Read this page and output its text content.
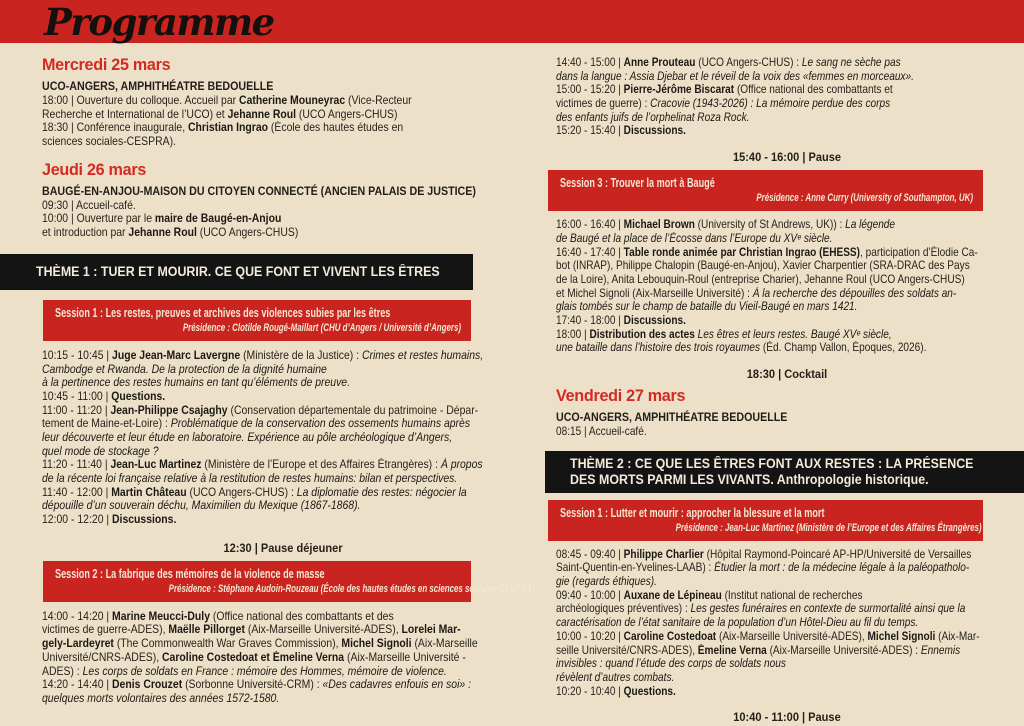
Programme
Mercredi 25 mars
UCO-ANGERS, AMPHITHÉATRE BEDOUELLE
18:00 | Ouverture du colloque. Accueil par Catherine Mouneyrac (Vice-Recteur
Recherche et International de l’UCO) et Jehanne Roul (UCO Angers-CHUS)
18:30 | Conférence inaugurale, Christian Ingrao (École des hautes études en
sciences sociales-CESPRA).
Jeudi 26 mars
BAUGÉ-EN-ANJOU-MAISON DU CITOYEN CONNECTÉ (ANCIEN PALAIS DE JUSTICE)
09:30 | Accueil-café.
10:00 | Ouverture par le maire de Baugé-en-Anjou
et introduction par Jehanne Roul (UCO Angers-CHUS)
THÈME 1 : TUER ET MOURIR. CE QUE FONT ET VIVENT LES ÊTRES
Session 1 : Les restes, preuves et archives des violences subies par les êtres
Présidence : Clotilde Rougé-Maillart (CHU d’Angers / Université d’Angers)
10:15 - 10:45 | Juge Jean-Marc Lavergne (Ministère de la Justice) : Crimes et restes humains,
Cambodge et Rwanda. De la protection de la dignité humaine
à la pertinence des restes humains en tant qu’éléments de preuve.
10:45 - 11:00 | Questions.
11:00 - 11:20 | Jean-Philippe Csajaghy (Conservation départementale du patrimoine - Dépar-
tement de Maine-et-Loire) : Problématique de la conservation des ossements humains après
leur découverte et leur étude en laboratoire. Expérience au pôle archéologique d’Angers,
quel mode de stockage ?
11:20 - 11:40 | Jean-Luc Martinez (Ministère de l’Europe et des Affaires Étrangères) : À propos
de la récente loi française relative à la restitution de restes humains: bilan et perspectives.
11:40 - 12:00 | Martin Château (UCO Angers-CHUS) : La diplomatie des restes: négocier la
dépouille d’un souverain déchu, Maximilien du Mexique (1867-1868).
12:00 - 12:20 | Discussions.
12:30 | Pause déjeuner
Session 2 : La fabrique des mémoires de la violence de masse
Présidence : Stéphane Audoin-Rouzeau (École des hautes études en sciences sociales-CESPRA)
14:00 - 14:20 | Marine Meucci-Duly (Office national des combattants et des
victimes de guerre-ADES), Maëlle Pillorget (Aix-Marseille Université-ADES), Lorelei Mar-
gely-Lardeyret (The Commonwealth War Graves Commission), Michel Signoli (Aix-Marseille
Université/CNRS-ADES), Caroline Costedoat et Émeline Verna (Aix-Marseille Université -
ADES) : Les corps de soldats en France : mémoire des Hommes, mémoire de violence.
14:20 - 14:40 | Denis Crouzet (Sorbonne Université-CRM) : «Des cadavres enfouis en soi» :
quelques morts volontaires des années 1572-1580.
14:40 - 15:00 | Anne Prouteau (UCO Angers-CHUS) : Le sang ne sèche pas
dans la langue : Assia Djebar et le réveil de la voix des «femmes en morceaux».
15:00 - 15:20 | Pierre-Jérôme Biscarat (Office national des combattants et
victimes de guerre) : Cracovie (1943-2026) : La mémoire perdue des corps
des enfants juifs de l’orphelinat Roza Rock.
15:20 - 15:40 | Discussions.
15:40 - 16:00 | Pause
Session 3 : Trouver la mort à Baugé
Présidence : Anne Curry (University of Southampton, UK)
16:00 - 16:40 | Michael Brown (University of St Andrews, UK)) : La légende
de Baugé et la place de l’Écosse dans l’Europe du XVᵉ siècle.
16:40 - 17:40 | Table ronde animée par Christian Ingrao (EHESS), participation d’Élodie Ca-
bot (INRAP), Philippe Chalopin (Baugé-en-Anjou), Xavier Charpentier (SRA-DRAC des Pays
de la Loire), Anita Lebouquin-Roul (entreprise Charier), Jehanne Roul (UCO Angers-CHUS)
et Michel Signoli (Aix-Marseille Université) : À la recherche des dépouilles des soldats an-
glais tombés sur le champ de bataille du Vieil-Baugé en mars 1421.
17:40 - 18:00 | Discussions.
18:00 | Distribution des actes Les êtres et leurs restes. Baugé XVᵉ siècle,
une bataille dans l’histoire des trois royaumes (Éd. Champ Vallon, Époques, 2026).
18:30 | Cocktail
Vendredi 27 mars
UCO-ANGERS, AMPHITHÉATRE BEDOUELLE
08:15 | Accueil-café.
THÈME 2 : CE QUE LES ÊTRES FONT AUX RESTES : LA PRÉSENCE
DES MORTS PARMI LES VIVANTS. Anthropologie historique.
Session 1 : Lutter et mourir : approcher la blessure et la mort
Présidence : Jean-Luc Martinez (Ministère de l’Europe et des Affaires Étrangères)
08:45 - 09:40 | Philippe Charlier (Hôpital Raymond-Poincaré AP-HP/Université de Versailles
Saint-Quentin-en-Yvelines-LAAB) : Étudier la mort : de la médecine légale à la paléopatholo-
gie (regards éthiques).
09:40 - 10:00 | Auxane de Lépineau (Institut national de recherches
archéologiques préventives) : Les gestes funéraires en contexte de surmortalité ainsi que la
caractérisation de l’état sanitaire de la population d’un Hôtel-Dieu au fil du temps.
10:00 - 10:20 | Caroline Costedoat (Aix-Marseille Université-ADES), Michel Signoli (Aix-Mar-
seille Université/CNRS-ADES), Émeline Verna (Aix-Marseille Université-ADES) : Ennemis
invisibles : quand l’étude des corps de soldats nous
révèlent d’autres combats.
10:20 - 10:40 | Questions.
10:40 - 11:00 | Pause
